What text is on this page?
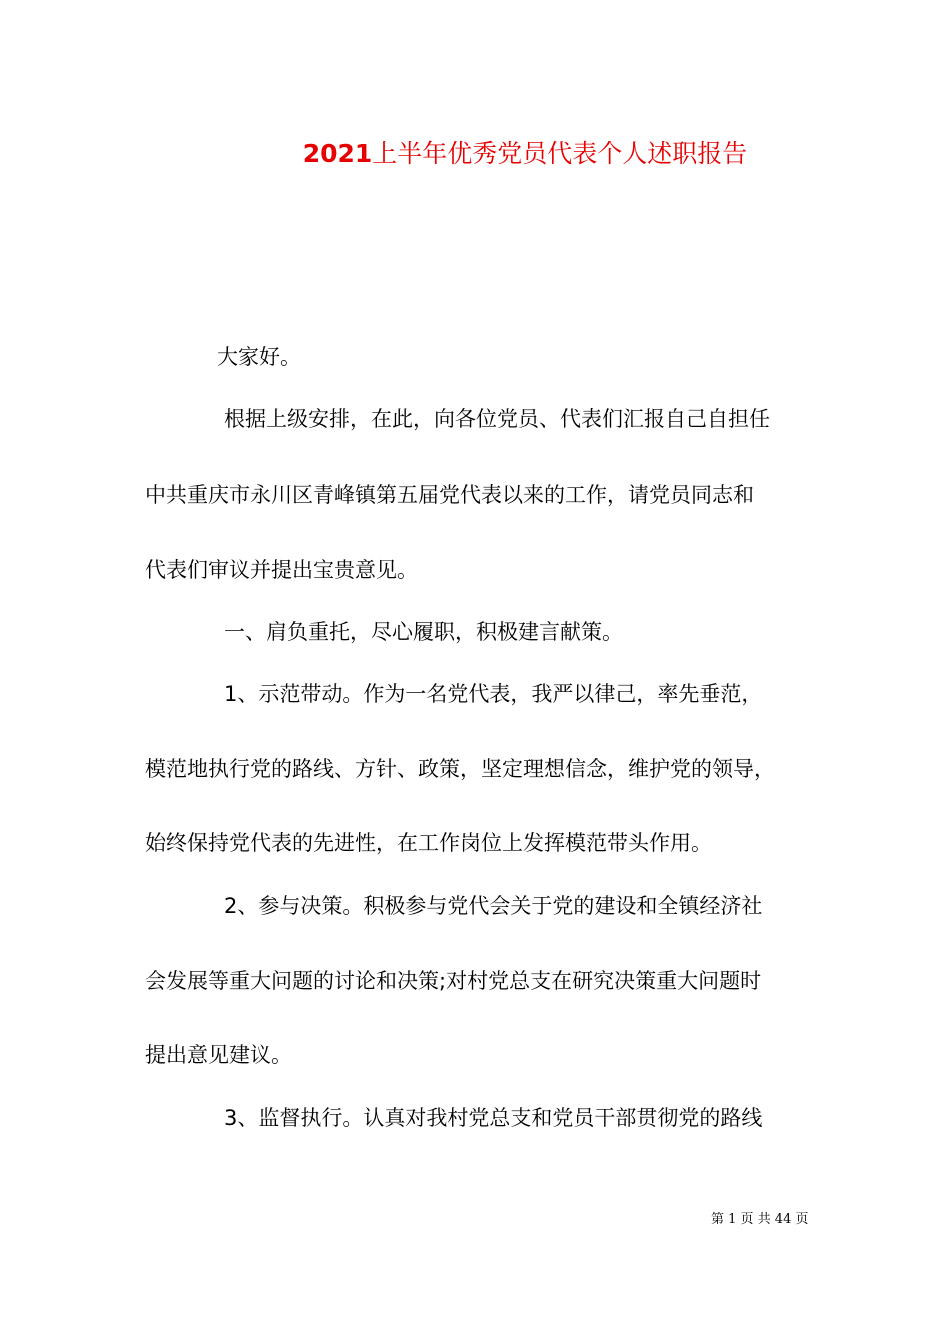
2021上半年优秀党员代表个人述职报告
大家好。
根据上级安排，在此，向各位党员、代表们汇报自己自担任
中共重庆市永川区青峰镇第五届党代表以来的工作，请党员同志和
代表们审议并提出宝贵意见。
一、肩负重托，尽心履职，积极建言献策。
1、示范带动。作为一名党代表，我严以律己，率先垂范，
模范地执行党的路线、方针、政策，坚定理想信念，维护党的领导，
始终保持党代表的先进性，在工作岗位上发挥模范带头作用。
2、参与决策。积极参与党代会关于党的建设和全镇经济社
会发展等重大问题的讨论和决策;对村党总支在研究决策重大问题时
提出意见建议。
3、监督执行。认真对我村党总支和党员干部贯彻党的路线
第 1 页 共 44 页
